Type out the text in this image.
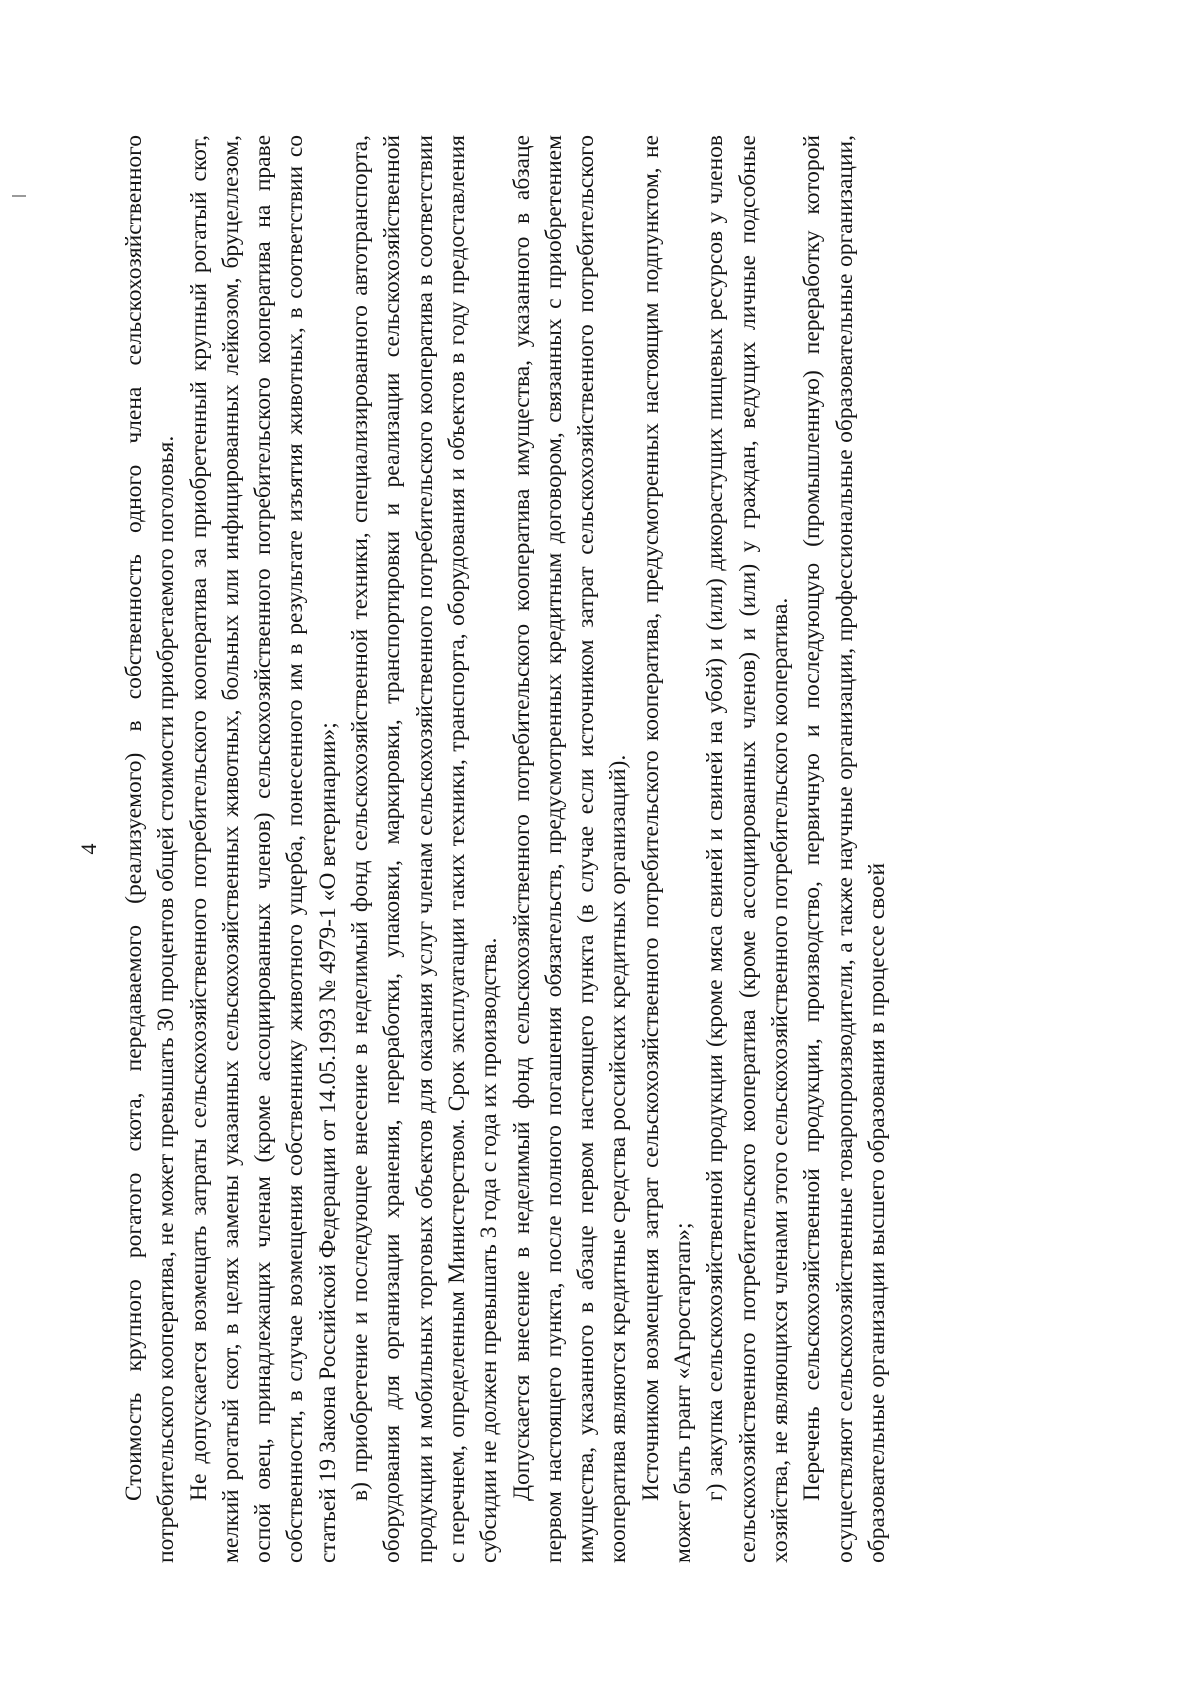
4 Стоимость крупного рогатого скота, передаваемого (реализуемого) в собственность одного члена сельскохозяйственного потребительского кооператива, не может превышать 30 процентов общей стоимости приобретаемого поголовья. Не допускается возмещать затраты сельскохозяйственного потребительского кооператива за приобретенный крупный рогатый скот, мелкий рогатый скот, в целях замены указанных сельскохозяйственных животных, больных или инфицированных лейкозом, бруцеллезом, оспой овец, принадлежащих членам (кроме ассоциированных членов) сельскохозяйственного потребительского кооператива на праве собственности, в случае возмещения собственнику животного ущерба, понесенного им в результате изъятия животных, в соответствии со статьей 19 Закона Российской Федерации от 14.05.1993 № 4979-1 «О ветеринарии»; в) приобретение и последующее внесение в неделимый фонд сельскохозяйственной техники, специализированного автотранспорта, оборудования для организации хранения, переработки, упаковки, маркировки, транспортировки и реализации сельскохозяйственной продукции и мобильных торговых объектов для оказания услуг членам сельскохозяйственного потребительского кооператива в соответствии с перечнем, определенным Министерством. Срок эксплуатации таких техники, транспорта, оборудования и объектов в году предоставления субсидии не должен превышать 3 года с года их производства. Допускается внесение в неделимый фонд сельскохозяйственного потребительского кооператива имущества, указанного в абзаце первом настоящего пункта, после полного погашения обязательств, предусмотренных кредитным договором, связанных с приобретением имущества, указанного в абзаце первом настоящего пункта (в случае если источником затрат сельскохозяйственного потребительского кооператива являются кредитные средства российских кредитных организаций). Источником возмещения затрат сельскохозяйственного потребительского кооператива, предусмотренных настоящим подпунктом, не может быть грант «Агростартап»; г) закупка сельскохозяйственной продукции (кроме мяса свиней и свиней на убой) и (или) дикорастущих пищевых ресурсов у членов сельскохозяйственного потребительского кооператива (кроме ассоциированных членов) и (или) у граждан, ведущих личные подсобные хозяйства, не являющихся членами этого сельскохозяйственного потребительского кооператива. Перечень сельскохозяйственной продукции, производство, первичную и последующую (промышленную) переработку которой осуществляют сельскохозяйственные товаропроизводители, а также научные организации, профессиональные образовательные организации, образовательные организации высшего образования в процессе своей
